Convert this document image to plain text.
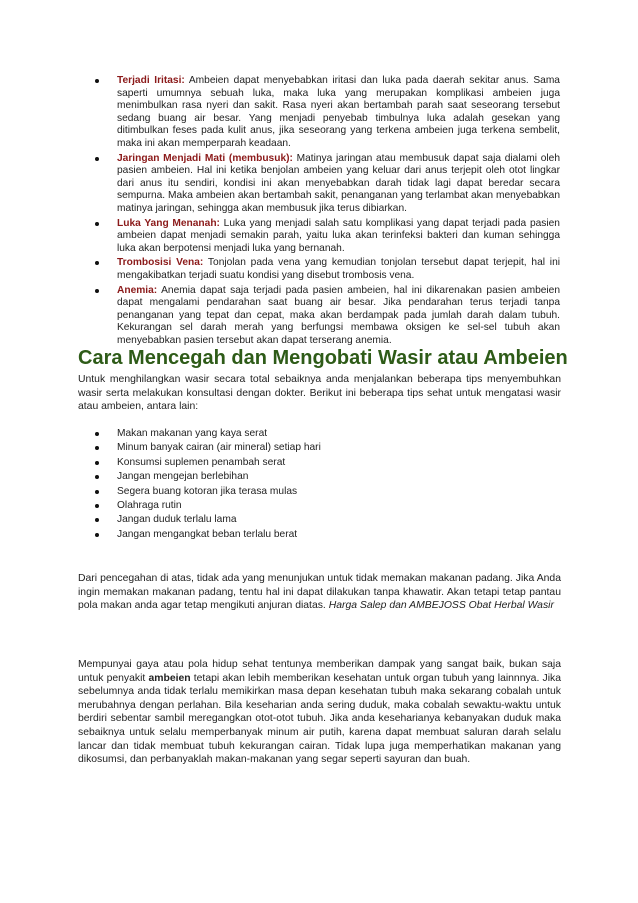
Terjadi Iritasi: Ambeien dapat menyebabkan iritasi dan luka pada daerah sekitar anus. Sama saperti umumnya sebuah luka, maka luka yang merupakan komplikasi ambeien juga menimbulkan rasa nyeri dan sakit. Rasa nyeri akan bertambah parah saat seseorang tersebut sedang buang air besar. Yang menjadi penyebab timbulnya luka adalah gesekan yang ditimbulkan feses pada kulit anus, jika seseorang yang terkena ambeien juga terkena sembelit, maka ini akan memperparah keadaan.
Jaringan Menjadi Mati (membusuk): Matinya jaringan atau membusuk dapat saja dialami oleh pasien ambeien. Hal ini ketika benjolan ambeien yang keluar dari anus terjepit oleh otot lingkar dari anus itu sendiri, kondisi ini akan menyebabkan darah tidak lagi dapat beredar secara sempurna. Maka ambeien akan bertambah sakit, penanganan yang terlambat akan menyebabkan matinya jaringan, sehingga akan membusuk jika terus dibiarkan.
Luka Yang Menanah: Luka yang menjadi salah satu komplikasi yang dapat terjadi pada pasien ambeien dapat menjadi semakin parah, yaitu luka akan terinfeksi bakteri dan kuman sehingga luka akan berpotensi menjadi luka yang bernanah.
Trombosisi Vena: Tonjolan pada vena yang kemudian tonjolan tersebut dapat terjepit, hal ini mengakibatkan terjadi suatu kondisi yang disebut trombosis vena.
Anemia: Anemia dapat saja terjadi pada pasien ambeien, hal ini dikarenakan pasien ambeien dapat mengalami pendarahan saat buang air besar. Jika pendarahan terus terjadi tanpa penanganan yang tepat dan cepat, maka akan berdampak pada jumlah darah dalam tubuh. Kekurangan sel darah merah yang berfungsi membawa oksigen ke sel-sel tubuh akan menyebabkan pasien tersebut akan dapat terserang anemia.
Cara Mencegah dan Mengobati Wasir atau Ambeien

Untuk menghilangkan wasir secara total sebaiknya anda menjalankan beberapa tips menyembuhkan wasir serta melakukan konsultasi dengan dokter. Berikut ini beberapa tips sehat untuk mengatasi wasir atau ambeien, antara lain:

Makan makanan yang kaya serat
Minum banyak cairan (air mineral) setiap hari
Konsumsi suplemen penambah serat
Jangan mengejan berlebihan
Segera buang kotoran jika terasa mulas
Olahraga rutin
Jangan duduk terlalu lama
Jangan mengangkat beban terlalu berat

Dari pencegahan di atas, tidak ada yang menunjukan untuk tidak memakan makanan padang. Jika Anda ingin memakan makanan padang, tentu hal ini dapat dilakukan tanpa khawatir. Akan tetapi tetap pantau pola makan anda agar tetap mengikuti anjuran diatas. Harga Salep dan AMBEJOSS Obat Herbal Wasir

Mempunyai gaya atau pola hidup sehat tentunya memberikan dampak yang sangat baik, bukan saja untuk penyakit ambeien tetapi akan lebih memberikan kesehatan untuk organ tubuh yang lainnnya. Jika sebelumnya anda tidak terlalu memikirkan masa depan kesehatan tubuh maka sekarang cobalah untuk merubahnya dengan perlahan. Bila keseharian anda sering duduk, maka cobalah sewaktu-waktu untuk berdiri sebentar sambil meregangkan otot-otot tubuh. Jika anda keseharianya kebanyakan duduk maka sebaiknya untuk selalu memperbanyak minum air putih, karena dapat membuat saluran darah selalu lancar dan tidak membuat tubuh kekurangan cairan. Tidak lupa juga memperhatikan makanan yang dikosumsi, dan perbanyaklah makan-makanan yang segar seperti sayuran dan buah.
